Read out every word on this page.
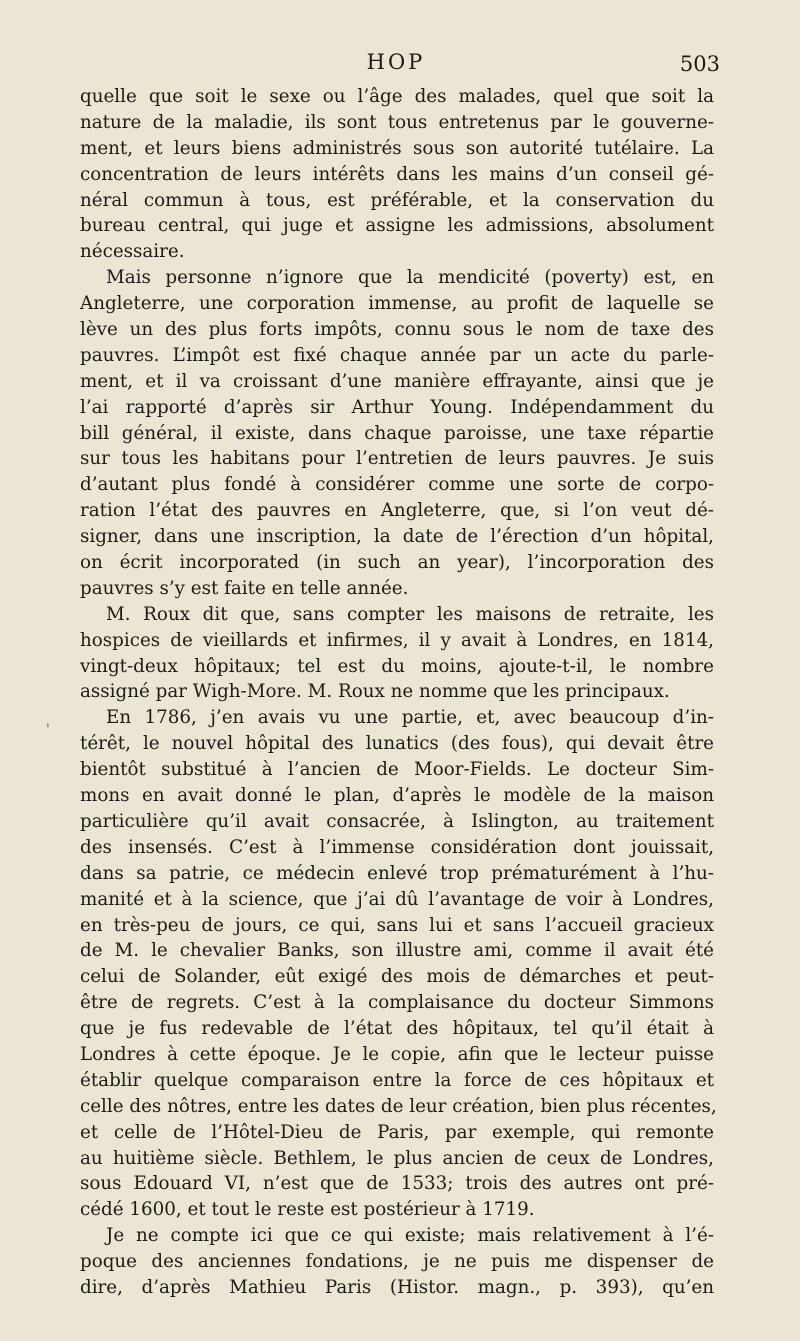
HOP	503
'
quelle que soit le sexe ou l’âge des malades, quel que soit la
nature de la maladie, ils sont tous entretenus par le gouverne-
ment, et leurs biens administrés sous son autorité tutélaire. La
concentration de leurs intérêts dans les mains d’un conseil gé-
néral commun à tous, est préférable, et la conservation du
bureau central, qui juge et assigne les admissions, absolument
nécessaire.
Mais personne n’ignore que la mendicité (poverty) est, en
Angleterre, une corporation immense, au profit de laquelle se
lève un des plus forts impôts, connu sous le nom de taxe des
pauvres. L’impôt est fixé chaque année par un acte du parle-
ment, et il va croissant d’une manière effrayante, ainsi que je
l’ai rapporté d’après sir Arthur Young. Indépendamment du
bill général, il existe, dans chaque paroisse, une taxe répartie
sur tous les habitans pour l’entretien de leurs pauvres. Je suis
d’autant plus fondé à considérer comme une sorte de corpo-
ration l’état des pauvres en Angleterre, que, si l’on veut dé-
signer, dans une inscription, la date de l’érection d’un hôpital,
on écrit incorporated (in such an year), l’incorporation des
pauvres s’y est faite en telle année.
M. Roux dit que, sans compter les maisons de retraite, les
hospices de vieillards et infirmes, il y avait à Londres, en 1814,
vingt-deux hôpitaux; tel est du moins, ajoute-t-il, le nombre
assigné par Wigh-More. M. Roux ne nomme que les principaux.
En 1786, j’en avais vu une partie, et, avec beaucoup d’in-
térêt, le nouvel hôpital des lunatics (des fous), qui devait être
bientôt substitué à l’ancien de Moor-Fields. Le docteur Sim-
mons en avait donné le plan, d’après le modèle de la maison
particulière qu’il avait consacrée, à Islington, au traitement
des insensés. C’est à l’immense considération dont jouissait,
dans sa patrie, ce médecin enlevé trop prématurément à l’hu-
manité et à la science, que j’ai dû l’avantage de voir à Londres,
en très-peu de jours, ce qui, sans lui et sans l’accueil gracieux
de M. le chevalier Banks, son illustre ami, comme il avait été
celui de Solander, eût exigé des mois de démarches et peut-
être de regrets. C’est à la complaisance du docteur Simmons
que je fus redevable de l’état des hôpitaux, tel qu’il était à
Londres à cette époque. Je le copie, afin que le lecteur puisse
établir quelque comparaison entre la force de ces hôpitaux et
celle des nôtres, entre les dates de leur création, bien plus récentes,
et celle de l’Hôtel-Dieu de Paris, par exemple, qui remonte
au huitième siècle. Bethlem, le plus ancien de ceux de Londres,
sous Edouard VI, n’est que de 1533; trois des autres ont pré-
cédé 1600, et tout le reste est postérieur à 1719.
Je ne compte ici que ce qui existe; mais relativement à l’é-
poque des anciennes fondations, je ne puis me dispenser de
dire, d’après Mathieu Paris (Histor. magn., p. 393), qu’en
